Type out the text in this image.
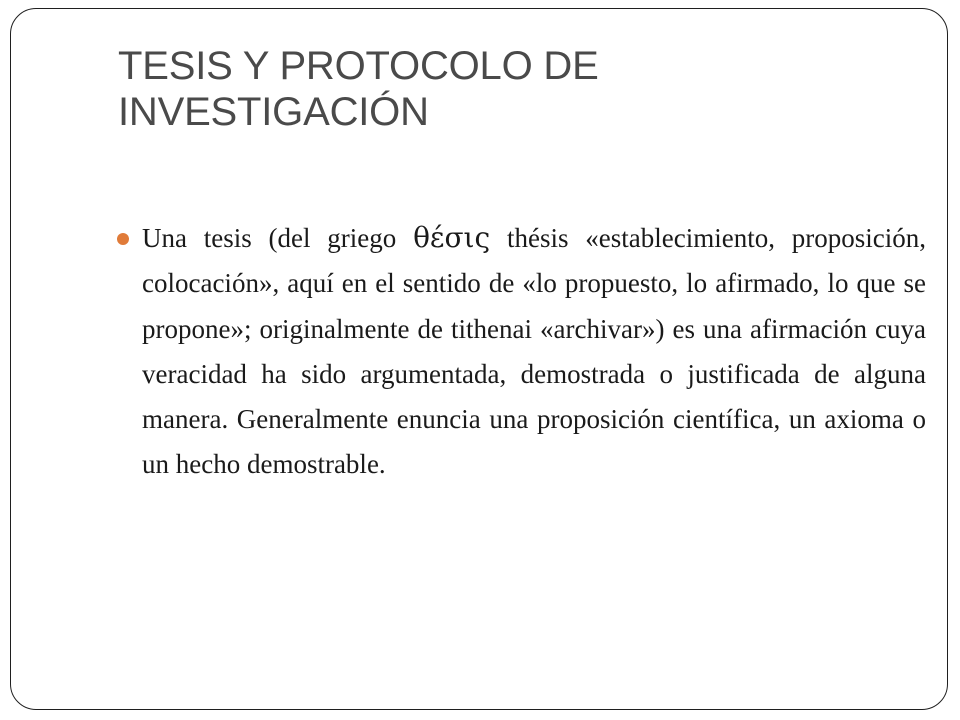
TESIS Y PROTOCOLO DE INVESTIGACIÓN
Una tesis (del griego θέσις thésis «establecimiento, proposición, colocación», aquí en el sentido de «lo propuesto, lo afirmado, lo que se propone»; originalmente de tithenai «archivar») es una afirmación cuya veracidad ha sido argumentada, demostrada o justificada de alguna manera. Generalmente enuncia una proposición científica, un axioma o un hecho demostrable.
